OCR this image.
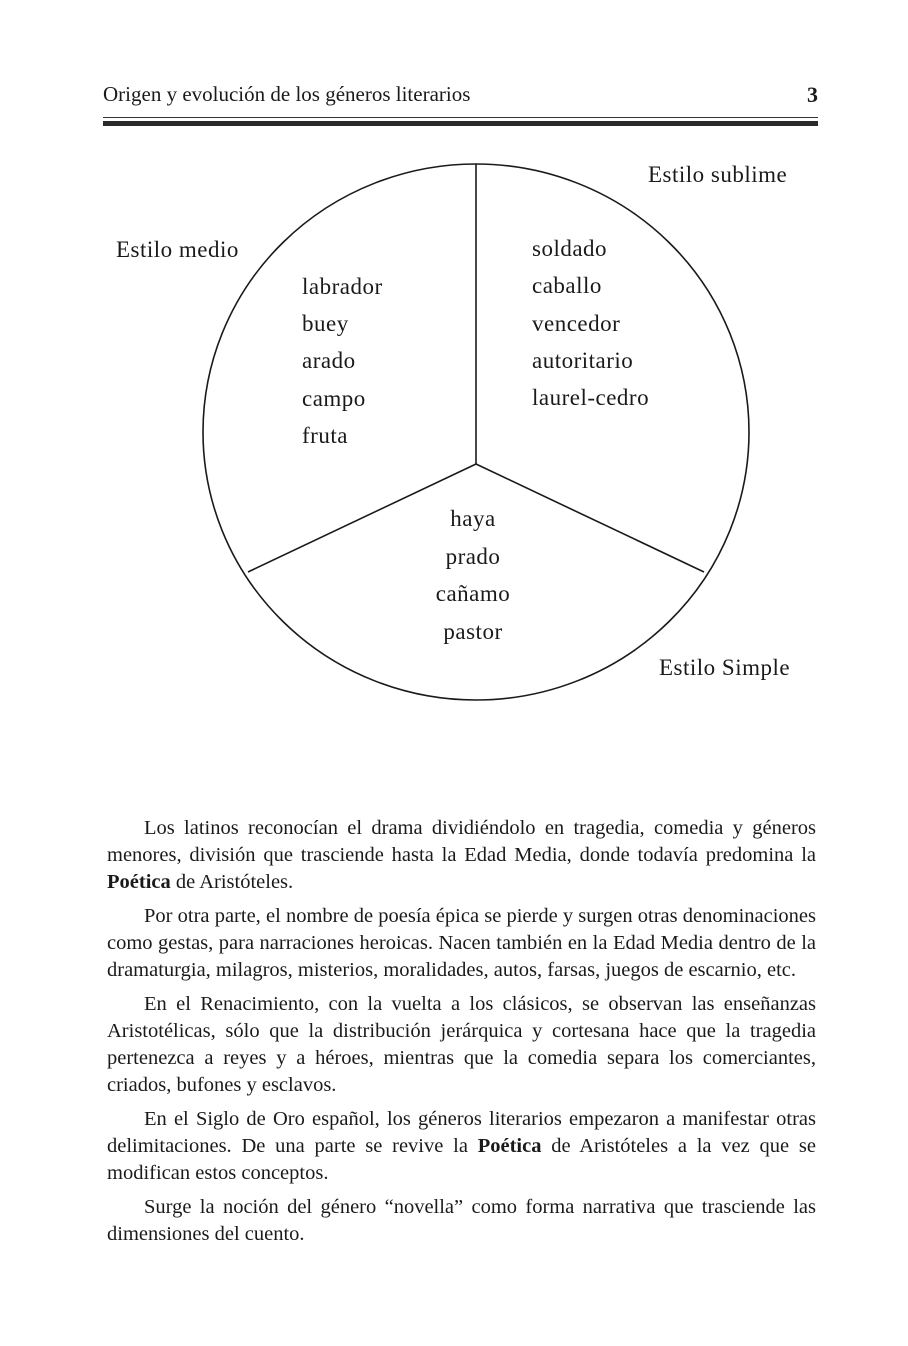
Origen y evolución de los géneros literarios	3
Estilo sublime
Estilo medio
Estilo Simple
labrador
buey
arado
campo
fruta
soldado
caballo
vencedor
autoritario
laurel-cedro
haya
prado
cañamo
pastor

Los latinos reconocían el drama dividiéndolo en tragedia, comedia y géneros menores, división que trasciende hasta la Edad Media, donde todavía predomina la Poética de Aristóteles.

Por otra parte, el nombre de poesía épica se pierde y surgen otras denominaciones como gestas, para narraciones heroicas. Nacen también en la Edad Media dentro de la dramaturgia, milagros, misterios, moralidades, autos, farsas, juegos de escarnio, etc.

En el Renacimiento, con la vuelta a los clásicos, se observan las enseñanzas Aristotélicas, sólo que la distribución jerárquica y cortesana hace que la tragedia pertenezca a reyes y a héroes, mientras que la comedia separa los comerciantes, criados, bufones y esclavos.

En el Siglo de Oro español, los géneros literarios empezaron a manifestar otras delimitaciones. De una parte se revive la Poética de Aristóteles a la vez que se modifican estos conceptos.

Surge la noción del género “novella” como forma narrativa que trasciende las dimensiones del cuento.
